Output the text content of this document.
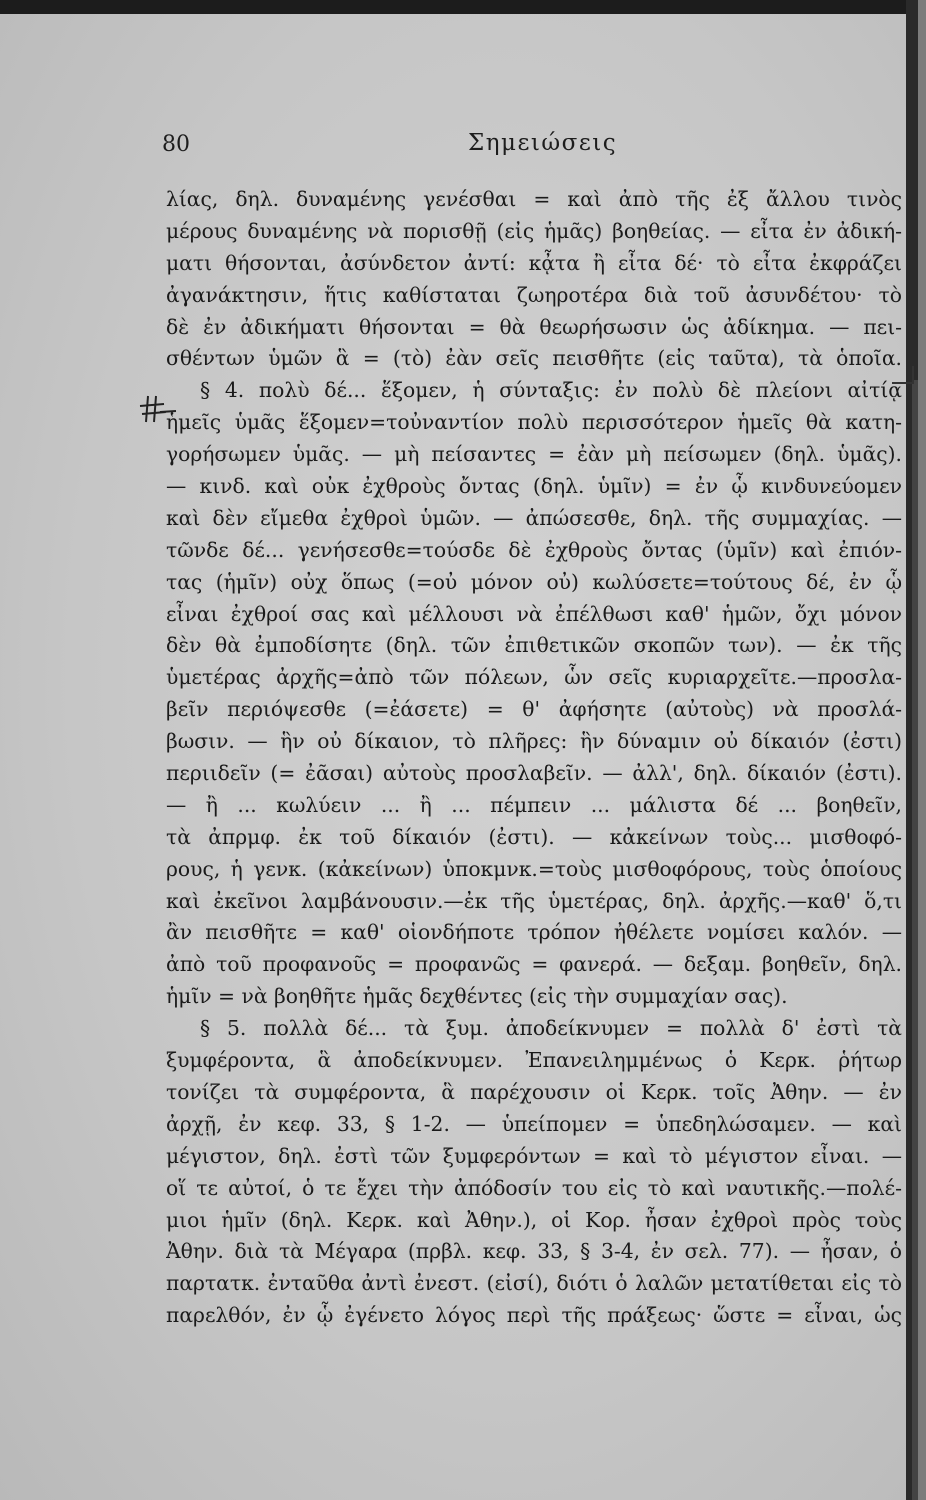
80	Σημειώσεις
λίας, δηλ. δυναμένης γενέσθαι = καὶ ἀπὸ τῆς ἐξ ἄλλου τινὸς
μέρους δυναμένης νὰ πορισθῇ (εἰς ἡμᾶς) βοηθείας. — εἶτα ἐν ἀδική-
ματι θήσονται, ἀσύνδετον ἀντί: κᾆτα ἢ εἶτα δέ· τὸ εἶτα ἐκφράζει
ἀγανάκτησιν, ἥτις καθίσταται ζωηροτέρα διὰ τοῦ ἀσυνδέτου· τὸ
δὲ ἐν ἀδικήματι θήσονται = θὰ θεωρήσωσιν ὡς ἀδίκημα. — πει-
σθέντων ὑμῶν ἃ = (τὸ) ἐὰν σεῖς πεισθῆτε (εἰς ταῦτα), τὰ ὁποῖα.
§ 4. πολὺ δέ... ἕξομεν, ἡ σύνταξις: ἐν πολὺ δὲ πλείονι αἰτίᾳ
ἡμεῖς ὑμᾶς ἕξομεν=τοὐναντίον πολὺ περισσότερον ἡμεῖς θὰ κατη-
γορήσωμεν ὑμᾶς. — μὴ πείσαντες = ἐὰν μὴ πείσωμεν (δηλ. ὑμᾶς).
— κινδ. καὶ οὐκ ἐχθροὺς ὄντας (δηλ. ὑμῖν) = ἐν ᾧ κινδυνεύομεν
καὶ δὲν εἴμεθα ἐχθροὶ ὑμῶν. — ἀπώσεσθε, δηλ. τῆς συμμαχίας. —
τῶνδε δέ... γενήσεσθε=τούσδε δὲ ἐχθροὺς ὄντας (ὑμῖν) καὶ ἐπιόν-
τας (ἡμῖν) οὐχ ὅπως (=οὐ μόνον οὐ) κωλύσετε=τούτους δέ, ἐν ᾧ
εἶναι ἐχθροί σας καὶ μέλλουσι νὰ ἐπέλθωσι καθ' ἡμῶν, ὄχι μόνον
δὲν θὰ ἐμποδίσητε (δηλ. τῶν ἐπιθετικῶν σκοπῶν των). — ἐκ τῆς
ὑμετέρας ἀρχῆς=ἀπὸ τῶν πόλεων, ὧν σεῖς κυριαρχεῖτε.—προσλα-
βεῖν περιόψεσθε (=ἐάσετε) = θ' ἀφήσητε (αὐτοὺς) νὰ προσλά-
βωσιν. — ἣν οὐ δίκαιον, τὸ πλῆρες: ἣν δύναμιν οὐ δίκαιόν (ἐστι)
περιιδεῖν (= ἐᾶσαι) αὐτοὺς προσλαβεῖν. — ἀλλ', δηλ. δίκαιόν (ἐστι).
— ἢ ... κωλύειν ... ἢ ... πέμπειν ... μάλιστα δέ ... βοηθεῖν,
τὰ ἀπρμφ. ἐκ τοῦ δίκαιόν (ἐστι). — κἀκείνων τοὺς... μισθοφό-
ρους, ἡ γενκ. (κἀκείνων) ὑποκμνκ.=τοὺς μισθοφόρους, τοὺς ὁποίους
καὶ ἐκεῖνοι λαμβάνουσιν.—ἐκ τῆς ὑμετέρας, δηλ. ἀρχῆς.—καθ' ὅ,τι
ἂν πεισθῆτε = καθ' οἱονδήποτε τρόπον ἠθέλετε νομίσει καλόν. —
ἀπὸ τοῦ προφανοῦς = προφανῶς = φανερά. — δεξαμ. βοηθεῖν, δηλ.
ἡμῖν = νὰ βοηθῆτε ἡμᾶς δεχθέντες (εἰς τὴν συμμαχίαν σας).
§ 5. πολλὰ δέ... τὰ ξυμ. ἀποδείκνυμεν = πολλὰ δ' ἐστὶ τὰ
ξυμφέροντα, ἃ ἀποδείκνυμεν. Ἐπανειλημμένως ὁ Κερκ. ῥήτωρ
τονίζει τὰ συμφέροντα, ἃ παρέχουσιν οἱ Κερκ. τοῖς Ἀθην. — ἐν
ἀρχῇ, ἐν κεφ. 33, § 1-2. — ὑπείπομεν = ὑπεδηλώσαμεν. — καὶ
μέγιστον, δηλ. ἐστὶ τῶν ξυμφερόντων = καὶ τὸ μέγιστον εἶναι. —
οἵ τε αὐτοί, ὁ τε ἔχει τὴν ἀπόδοσίν του εἰς τὸ καὶ ναυτικῆς.—πολέ-
μιοι ἡμῖν (δηλ. Κερκ. καὶ Ἀθην.), οἱ Κορ. ἦσαν ἐχθροὶ πρὸς τοὺς
Ἀθην. διὰ τὰ Μέγαρα (πρβλ. κεφ. 33, § 3-4, ἐν σελ. 77). — ἦσαν, ὁ
παρτατκ. ἐνταῦθα ἀντὶ ἐνεστ. (εἰσί), διότι ὁ λαλῶν μετατίθεται εἰς τὸ
παρελθόν, ἐν ᾧ ἐγένετο λόγος περὶ τῆς πράξεως· ὥστε = εἶναι, ὡς
